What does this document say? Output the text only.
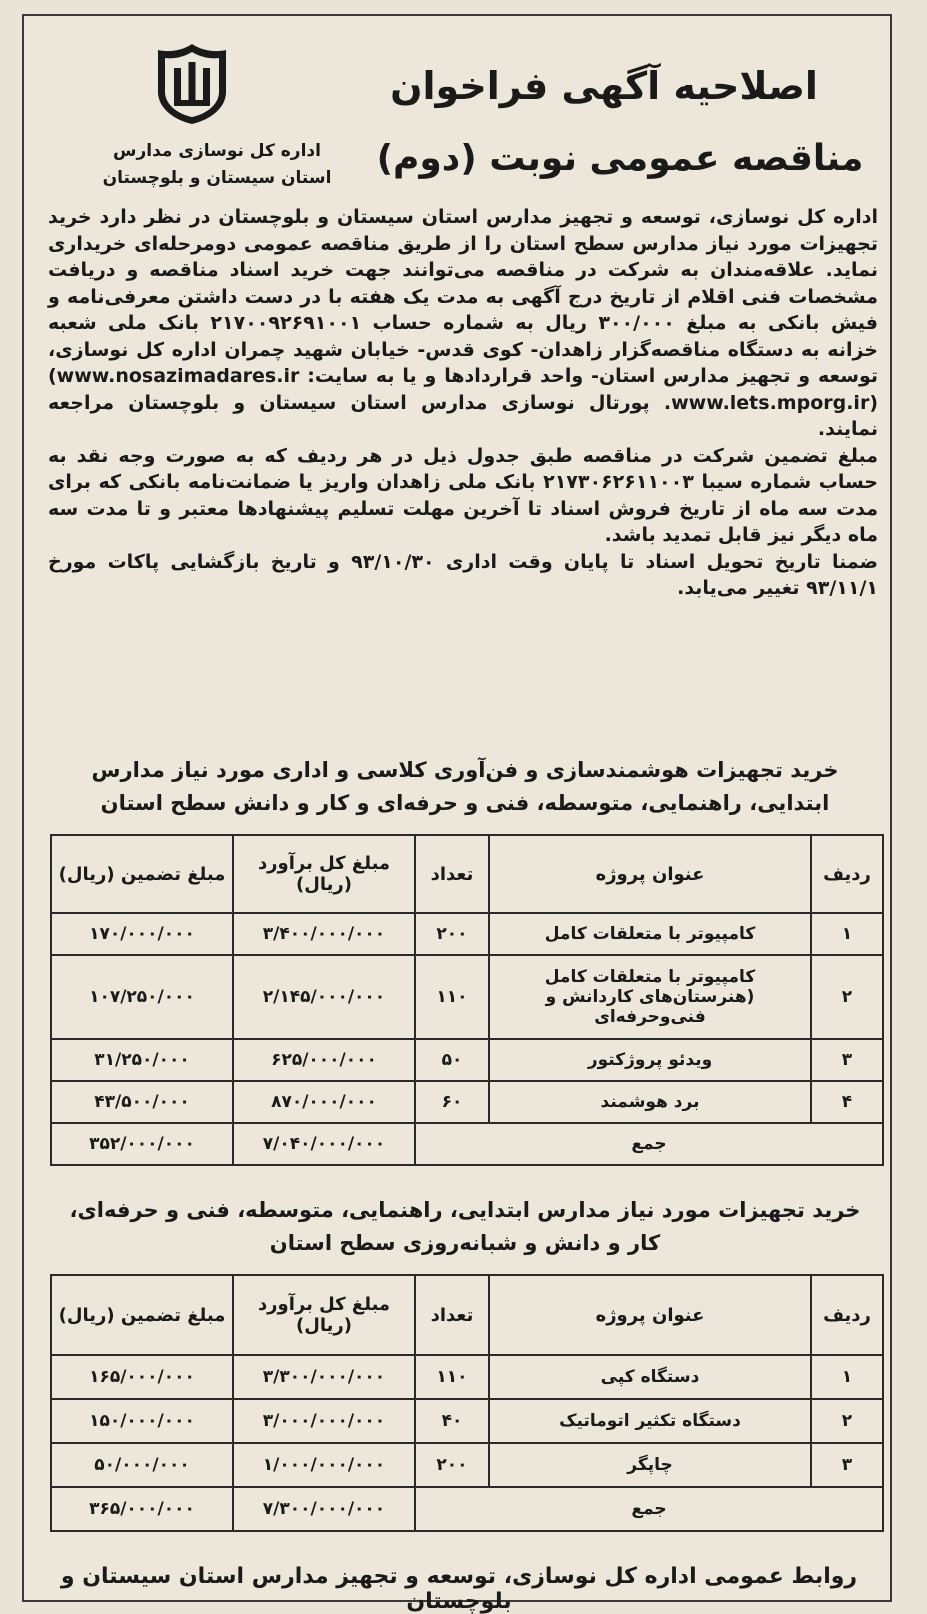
اصلاحیه آگهی فراخوان
مناقصه عمومی نوبت (دوم)
اداره کل نوسازی مدارس
استان سیستان و بلوچستان

اداره کل نوسازی، توسعه و تجهیز مدارس استان سیستان و بلوچستان در نظر دارد خرید تجهیزات مورد نیاز مدارس سطح استان را از طریق مناقصه عمومی دومرحله‌ای خریداری نماید. علاقه‌مندان به شرکت در مناقصه می‌توانند جهت خرید اسناد مناقصه و دریافت مشخصات فنی اقلام از تاریخ درج آگهی به مدت یک هفته با در دست داشتن معرفی‌نامه و فیش بانکی به مبلغ ۳۰۰/۰۰۰ ریال به شماره حساب ۲۱۷۰۰۹۲۶۹۱۰۰۱ بانک ملی شعبه خزانه به دستگاه مناقصه‌گزار زاهدان- کوی قدس- خیابان شهید چمران اداره کل نوسازی، توسعه و تجهیز مدارس استان- واحد قراردادها و یا به سایت: (www.nosazimadares.ir .www.lets.mporg.ir) پورتال نوسازی مدارس استان سیستان و بلوچستان مراجعه نمایند.

مبلغ تضمین شرکت در مناقصه طبق جدول ذیل در هر ردیف که به صورت وجه نقد به حساب شماره سیبا ۲۱۷۳۰۶۲۶۱۱۰۰۳ بانک ملی زاهدان واریز یا ضمانت‌نامه بانکی که برای مدت سه ماه از تاریخ فروش اسناد تا آخرین مهلت تسلیم پیشنهادها معتبر و تا مدت سه ماه دیگر نیز قابل تمدید باشد.

ضمنا تاریخ تحویل اسناد تا پایان وقت اداری ۹۳/۱۰/۳۰ و تاریخ بازگشایی پاکات مورخ ۹۳/۱۱/۱ تغییر می‌یابد.

خرید تجهیزات هوشمندسازی و فن‌آوری کلاسی و اداری مورد نیاز مدارس ابتدایی، راهنمایی، متوسطه، فنی و حرفه‌ای و کار و دانش سطح استان
ردیف	عنوان پروژه	تعداد	مبلغ کل برآورد (ریال)	مبلغ تضمین (ریال)
۱	کامپیوتر با متعلقات کامل	۲۰۰	۳/۴۰۰/۰۰۰/۰۰۰	۱۷۰/۰۰۰/۰۰۰
۲	کامپیوتر با متعلقات کامل (هنرستان‌های کاردانش و فنی‌وحرفه‌ای	۱۱۰	۲/۱۴۵/۰۰۰/۰۰۰	۱۰۷/۲۵۰/۰۰۰
۳	ویدئو پروژکتور	۵۰	۶۲۵/۰۰۰/۰۰۰	۳۱/۲۵۰/۰۰۰
۴	برد هوشمند	۶۰	۸۷۰/۰۰۰/۰۰۰	۴۳/۵۰۰/۰۰۰
جمع			۷/۰۴۰/۰۰۰/۰۰۰	۳۵۲/۰۰۰/۰۰۰
خرید تجهیزات مورد نیاز مدارس ابتدایی، راهنمایی، متوسطه، فنی و حرفه‌ای، کار و دانش و شبانه‌روزی سطح استان
ردیف	عنوان پروژه	تعداد	مبلغ کل برآورد (ریال)	مبلغ تضمین (ریال)
۱	دستگاه کپی	۱۱۰	۳/۳۰۰/۰۰۰/۰۰۰	۱۶۵/۰۰۰/۰۰۰
۲	دستگاه تکثیر اتوماتیک	۴۰	۳/۰۰۰/۰۰۰/۰۰۰	۱۵۰/۰۰۰/۰۰۰
۳	چاپگر	۲۰۰	۱/۰۰۰/۰۰۰/۰۰۰	۵۰/۰۰۰/۰۰۰
جمع			۷/۳۰۰/۰۰۰/۰۰۰	۳۶۵/۰۰۰/۰۰۰
روابط عمومی اداره کل نوسازی، توسعه و تجهیز مدارس استان سیستان و بلوچستان
